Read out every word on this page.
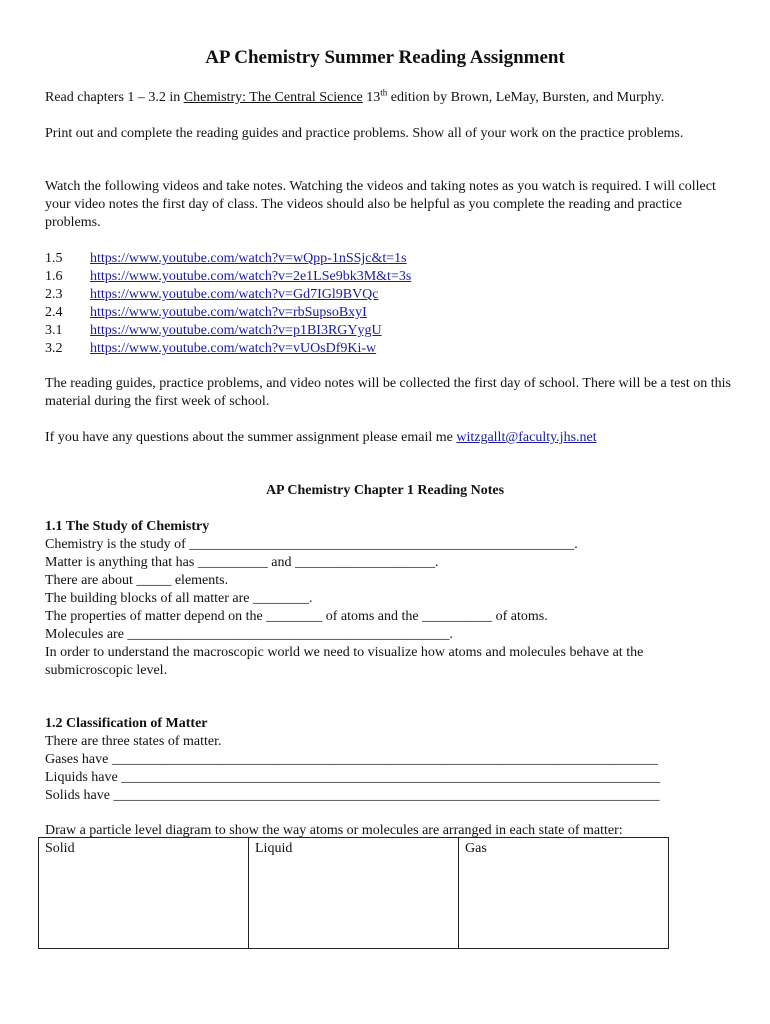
AP Chemistry Summer Reading Assignment
Read chapters 1 – 3.2 in Chemistry: The Central Science 13th edition by Brown, LeMay, Bursten, and Murphy.
Print out and complete the reading guides and practice problems. Show all of your work on the practice problems.
Watch the following videos and take notes. Watching the videos and taking notes as you watch is required. I will collect your video notes the first day of class. The videos should also be helpful as you complete the reading and practice problems.
1.5 https://www.youtube.com/watch?v=wQpp-1nSSjc&t=1s
1.6 https://www.youtube.com/watch?v=2e1LSe9bk3M&t=3s
2.3 https://www.youtube.com/watch?v=Gd7IGl9BVQc
2.4 https://www.youtube.com/watch?v=rbSupsoBxyI
3.1 https://www.youtube.com/watch?v=p1BI3RGYygU
3.2 https://www.youtube.com/watch?v=vUOsDf9Ki-w
The reading guides, practice problems, and video notes will be collected the first day of school. There will be a test on this material during the first week of school.
If you have any questions about the summer assignment please email me witzgallt@faculty.jhs.net
AP Chemistry Chapter 1 Reading Notes
1.1 The Study of Chemistry
Chemistry is the study of _______________________________________________________.
Matter is anything that has __________ and ____________________.
There are about _____ elements.
The building blocks of all matter are ________.
The properties of matter depend on the ________ of atoms and the __________ of atoms.
Molecules are ______________________________________________.
In order to understand the macroscopic world we need to visualize how atoms and molecules behave at the
submicroscopic level.
1.2 Classification of Matter
There are three states of matter.
Gases have ______________________________________________________________________________
Liquids have _____________________________________________________________________________
Solids have ______________________________________________________________________________
Draw a particle level diagram to show the way atoms or molecules are arranged in each state of matter:
Solid	Liquid	Gas
